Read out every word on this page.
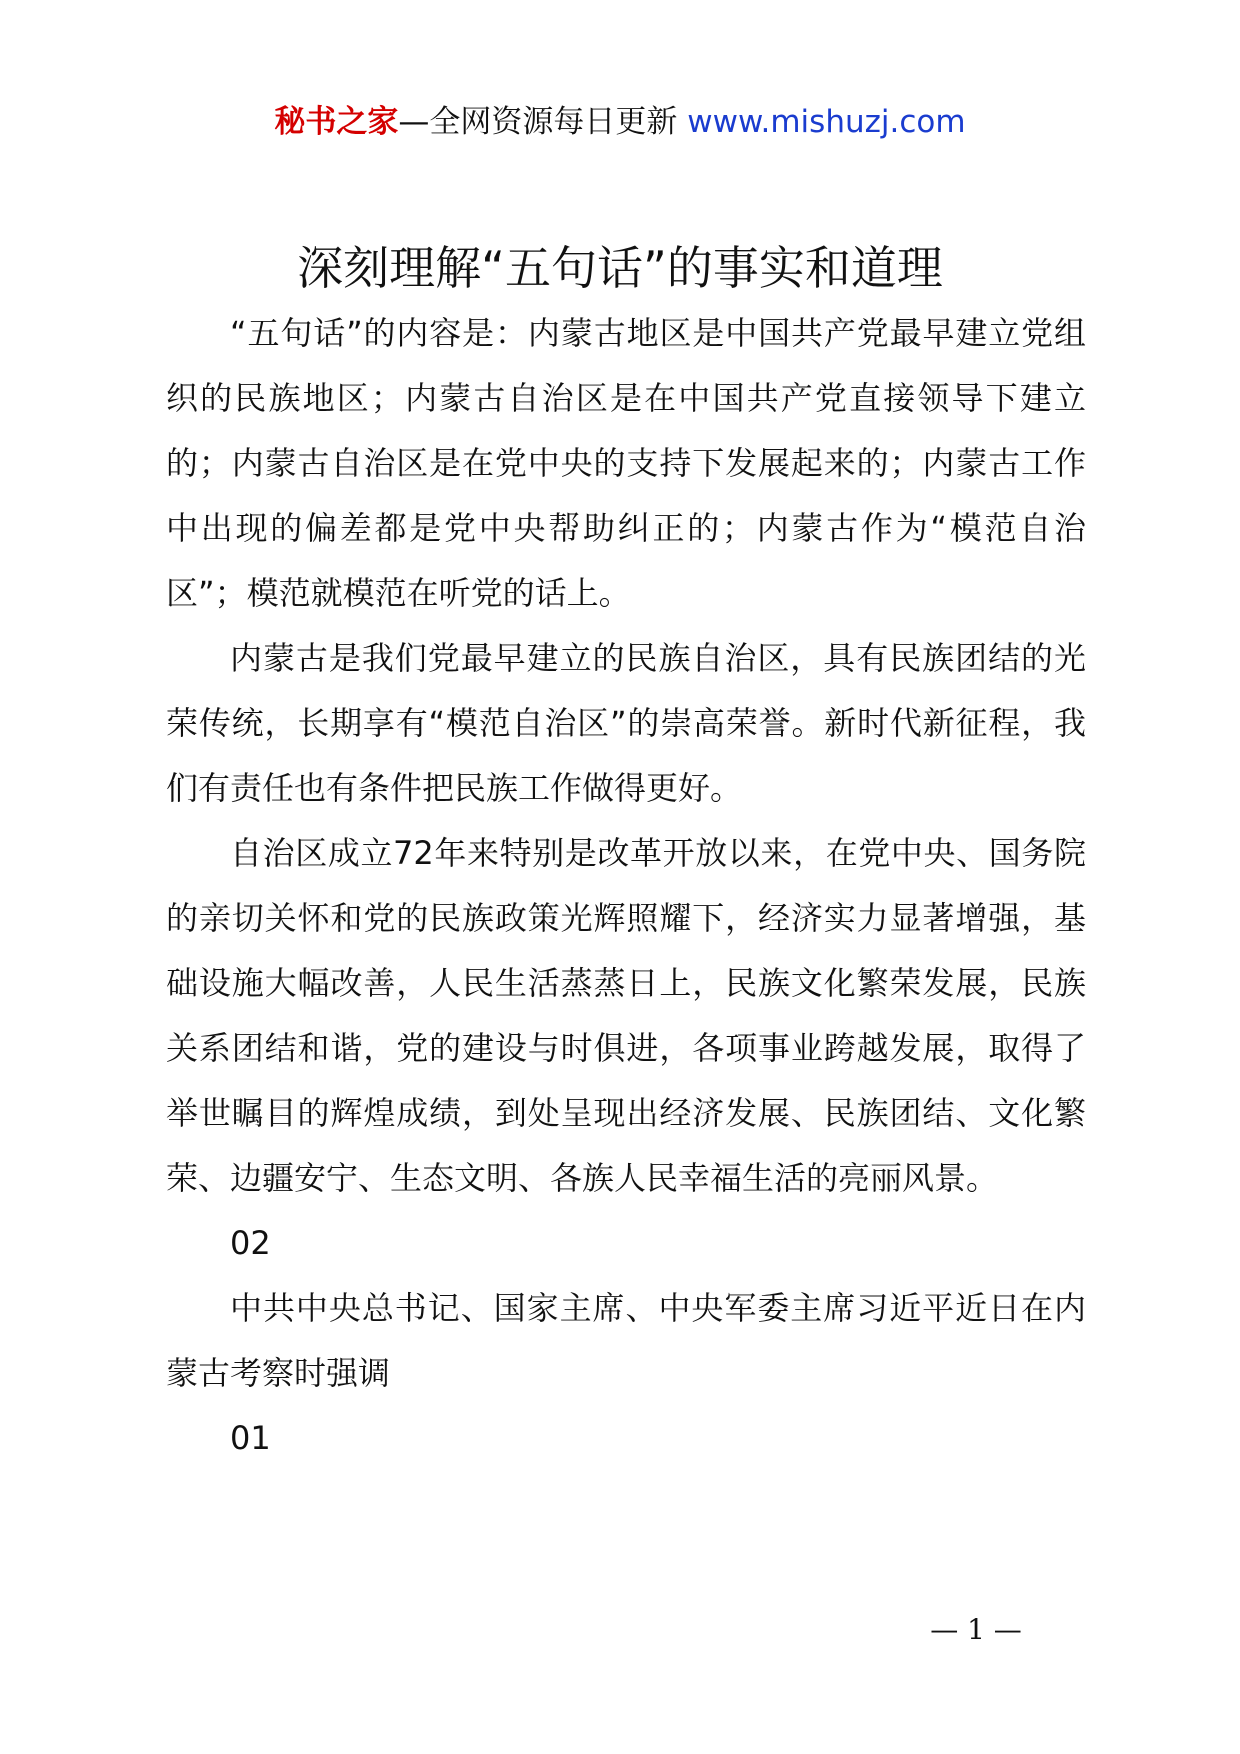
秘书之家—全网资源每日更新 www.mishuzj.com
深刻理解“五句话”的事实和道理

“五句话”的内容是：内蒙古地区是中国共产党最早建立党组织的民族地区；内蒙古自治区是在中国共产党直接领导下建立的；内蒙古自治区是在党中央的支持下发展起来的；内蒙古工作中出现的偏差都是党中央帮助纠正的；内蒙古作为“模范自治区”；模范就模范在听党的话上。

内蒙古是我们党最早建立的民族自治区，具有民族团结的光荣传统，长期享有“模范自治区”的崇高荣誉。新时代新征程，我们有责任也有条件把民族工作做得更好。

自治区成立72年来特别是改革开放以来，在党中央、国务院的亲切关怀和党的民族政策光辉照耀下，经济实力显著增强，基础设施大幅改善，人民生活蒸蒸日上，民族文化繁荣发展，民族关系团结和谐，党的建设与时俱进，各项事业跨越发展，取得了举世瞩目的辉煌成绩，到处呈现出经济发展、民族团结、文化繁荣、边疆安宁、生态文明、各族人民幸福生活的亮丽风景。

02

中共中央总书记、国家主席、中央军委主席习近平近日在内蒙古考察时强调

01

— 1 —
